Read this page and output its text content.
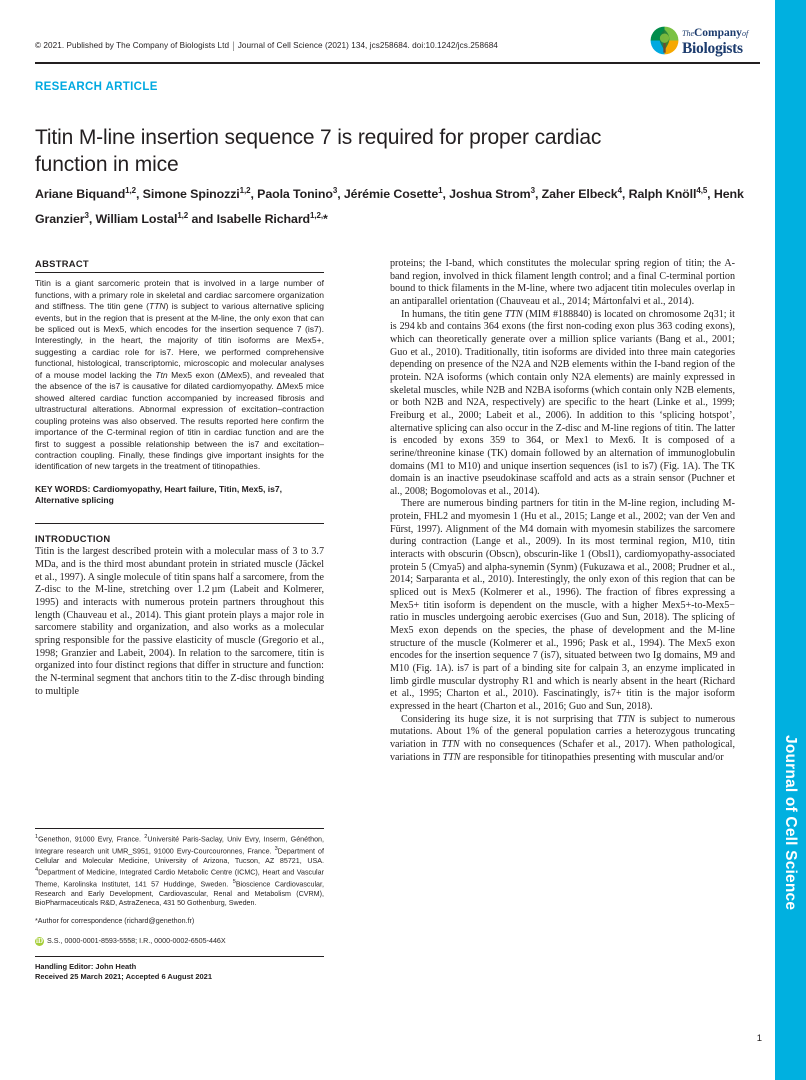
Journal of Cell Science
© 2021. Published by The Company of Biologists Ltd | Journal of Cell Science (2021) 134, jcs258684. doi:10.1242/jcs.258684
TheCompanyof
Biologists
RESEARCH ARTICLE
Titin M-line insertion sequence 7 is required for proper cardiac function in mice
Ariane Biquand$^{1,2}$, Simone Spinozzi$^{1,2}$, Paola Tonino$^3$, Jérémie Cosette$^1$, Joshua Strom$^3$, Zaher Elbeck$^4$, Ralph Knöll$^{4,5}$, Henk Granzier$^3$, William Lostal$^{1,2}$ and Isabelle Richard$^{1,2,}$*
ABSTRACT

Titin is a giant sarcomeric protein that is involved in a large number of functions, with a primary role in skeletal and cardiac sarcomere organization and stiffness. The titin gene (TTN) is subject to various alternative splicing events, but in the region that is present at the M-line, the only exon that can be spliced out is Mex5, which encodes for the insertion sequence 7 (is7). Interestingly, in the heart, the majority of titin isoforms are Mex5+, suggesting a cardiac role for is7. Here, we performed comprehensive functional, histological, transcriptomic, microscopic and molecular analyses of a mouse model lacking the Ttn Mex5 exon (ΔMex5), and revealed that the absence of the is7 is causative for dilated cardiomyopathy. ΔMex5 mice showed altered cardiac function accompanied by increased fibrosis and ultrastructural alterations. Abnormal expression of excitation–contraction coupling proteins was also observed. The results reported here confirm the importance of the C-terminal region of titin in cardiac function and are the first to suggest a possible relationship between the is7 and excitation–contraction coupling. Finally, these findings give important insights for the identification of new targets in the treatment of titinopathies.

KEY WORDS: Cardiomyopathy, Heart failure, Titin, Mex5, is7, Alternative splicing
INTRODUCTION

Titin is the largest described protein with a molecular mass of 3 to 3.7 MDa, and is the third most abundant protein in striated muscle (Jäckel et al., 1997). A single molecule of titin spans half a sarcomere, from the Z-disc to the M-line, stretching over 1.2 µm (Labeit and Kolmerer, 1995) and interacts with numerous protein partners throughout this length (Chauveau et al., 2014). This giant protein plays a major role in sarcomere stability and organization, and also works as a molecular spring responsible for the passive elasticity of muscle (Gregorio et al., 1998; Granzier and Labeit, 2004). In relation to the sarcomere, titin is organized into four distinct regions that differ in structure and function: the N-terminal segment that anchors titin to the Z-disc through binding to multiple

proteins; the I-band, which constitutes the molecular spring region of titin; the A-band region, involved in thick filament length control; and a final C-terminal portion bound to thick filaments in the M-line, where two adjacent titin molecules overlap in an antiparallel orientation (Chauveau et al., 2014; Mártonfalvi et al., 2014).

In humans, the titin gene TTN (MIM #188840) is located on chromosome 2q31; it is 294 kb and contains 364 exons (the first non-coding exon plus 363 coding exons), which can theoretically generate over a million splice variants (Bang et al., 2001; Guo et al., 2010). Traditionally, titin isoforms are divided into three main categories depending on presence of the N2A and N2B elements within the I-band region of the protein. N2A isoforms (which contain only N2A elements) are mainly expressed in skeletal muscles, while N2B and N2BA isoforms (which contain only N2B elements, or both N2B and N2A, respectively) are specific to the heart (Linke et al., 1999; Freiburg et al., 2000; Labeit et al., 2006). In addition to this ‘splicing hotspot’, alternative splicing can also occur in the Z-disc and M-line regions of titin. The latter is encoded by exons 359 to 364, or Mex1 to Mex6. It is composed of a serine/threonine kinase (TK) domain followed by an alternation of immunoglobulin domains (M1 to M10) and unique insertion sequences (is1 to is7) (Fig. 1A). The TK domain is an inactive pseudokinase scaffold and acts as a strain sensor (Puchner et al., 2008; Bogomolovas et al., 2014).

There are numerous binding partners for titin in the M-line region, including M-protein, FHL2 and myomesin 1 (Hu et al., 2015; Lange et al., 2002; van der Ven and Fürst, 1997). Alignment of the M4 domain with myomesin stabilizes the sarcomere during contraction (Lange et al., 2009). In its most terminal region, M10, titin interacts with obscurin (Obscn), obscurin-like 1 (Obsl1), cardiomyopathy-associated protein 5 (Cmya5) and alpha-synemin (Synm) (Fukuzawa et al., 2008; Prudner et al., 2014; Sarparanta et al., 2010). Interestingly, the only exon of this region that can be spliced out is Mex5 (Kolmerer et al., 1996). The fraction of fibres expressing a Mex5+ titin isoform is dependent on the muscle, with a higher Mex5+-to-Mex5− ratio in muscles undergoing aerobic exercises (Guo and Sun, 2018). The splicing of Mex5 exon depends on the species, the phase of development and the M-line structure of the muscle (Kolmerer et al., 1996; Pask et al., 1994). The Mex5 exon encodes for the insertion sequence 7 (is7), situated between two Ig domains, M9 and M10 (Fig. 1A). is7 is part of a binding site for calpain 3, an enzyme implicated in limb girdle muscular dystrophy R1 and which is nearly absent in the heart (Richard et al., 1995; Charton et al., 2010). Fascinatingly, is7+ titin is the major isoform expressed in the heart (Charton et al., 2016; Guo and Sun, 2018).

Considering its huge size, it is not surprising that TTN is subject to numerous mutations. About 1% of the general population carries a heterozygous truncating variation in TTN with no consequences (Schafer et al., 2017). When pathological, variations in TTN are responsible for titinopathies presenting with muscular and/or

$^1$Genethon, 91000 Evry, France. $^2$Université Paris-Saclay, Univ Evry, Inserm, Généthon, Integrare research unit UMR_S951, 91000 Evry-Courcouronnes, France. $^3$Department of Cellular and Molecular Medicine, University of Arizona, Tucson, AZ 85721, USA. $^4$Department of Medicine, Integrated Cardio Metabolic Centre (ICMC), Heart and Vascular Theme, Karolinska Institutet, 141 57 Huddinge, Sweden. $^5$Bioscience Cardiovascular, Research and Early Development, Cardiovascular, Renal and Metabolism (CVRM), BioPharmaceuticals R&D, AstraZeneca, 431 50 Gothenburg, Sweden.

*Author for correspondence (richard@genethon.fr)
iD S.S., 0000-0001-8593-5558; I.R., 0000-0002-6505-446X
Handling Editor: John Heath
Received 25 March 2021; Accepted 6 August 2021
1
